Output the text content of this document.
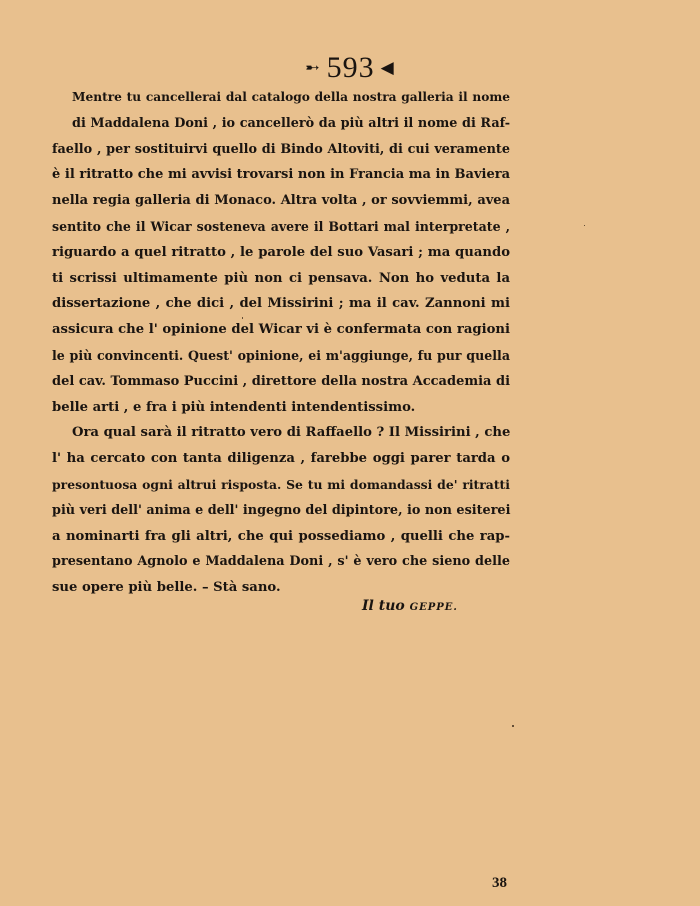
➸ 593 ◀
Mentre tu cancellerai dal catalogo della nostra galleria il nome
di Maddalena Doni , io cancellerò da più altri il nome di Raf-
faello , per sostituirvi quello di Bindo Altoviti, di cui veramente
è il ritratto che mi avvisi trovarsi non in Francia ma in Baviera
nella regia galleria di Monaco. Altra volta , or sovviemmi, avea
sentito che il Wicar sosteneva avere il Bottari mal interpretate ,
riguardo a quel ritratto , le parole del suo Vasari ; ma quando
ti scrissi ultimamente più non ci pensava. Non ho veduta la
dissertazione , che dici , del Missirini ; ma il cav. Zannoni mi
assicura che l' opinione del Wicar vi è confermata con ragioni
le più convincenti. Quest' opinione, ei m'aggiunge, fu pur quella
del cav. Tommaso Puccini , direttore della nostra Accademia di
belle arti , e fra i più intendenti intendentissimo.
Ora qual sarà il ritratto vero di Raffaello ? Il Missirini , che
l' ha cercato con tanta diligenza , farebbe oggi parer tarda o
presontuosa ogni altrui risposta. Se tu mi domandassi de' ritratti
più veri dell' anima e dell' ingegno del dipintore, io non esiterei
a nominarti fra gli altri, che qui possediamo , quelli che rap-
presentano Agnolo e Maddalena Doni , s' è vero che sieno delle
sue opere più belle. – Stà sano.
Il tuo GEPPE.
38
